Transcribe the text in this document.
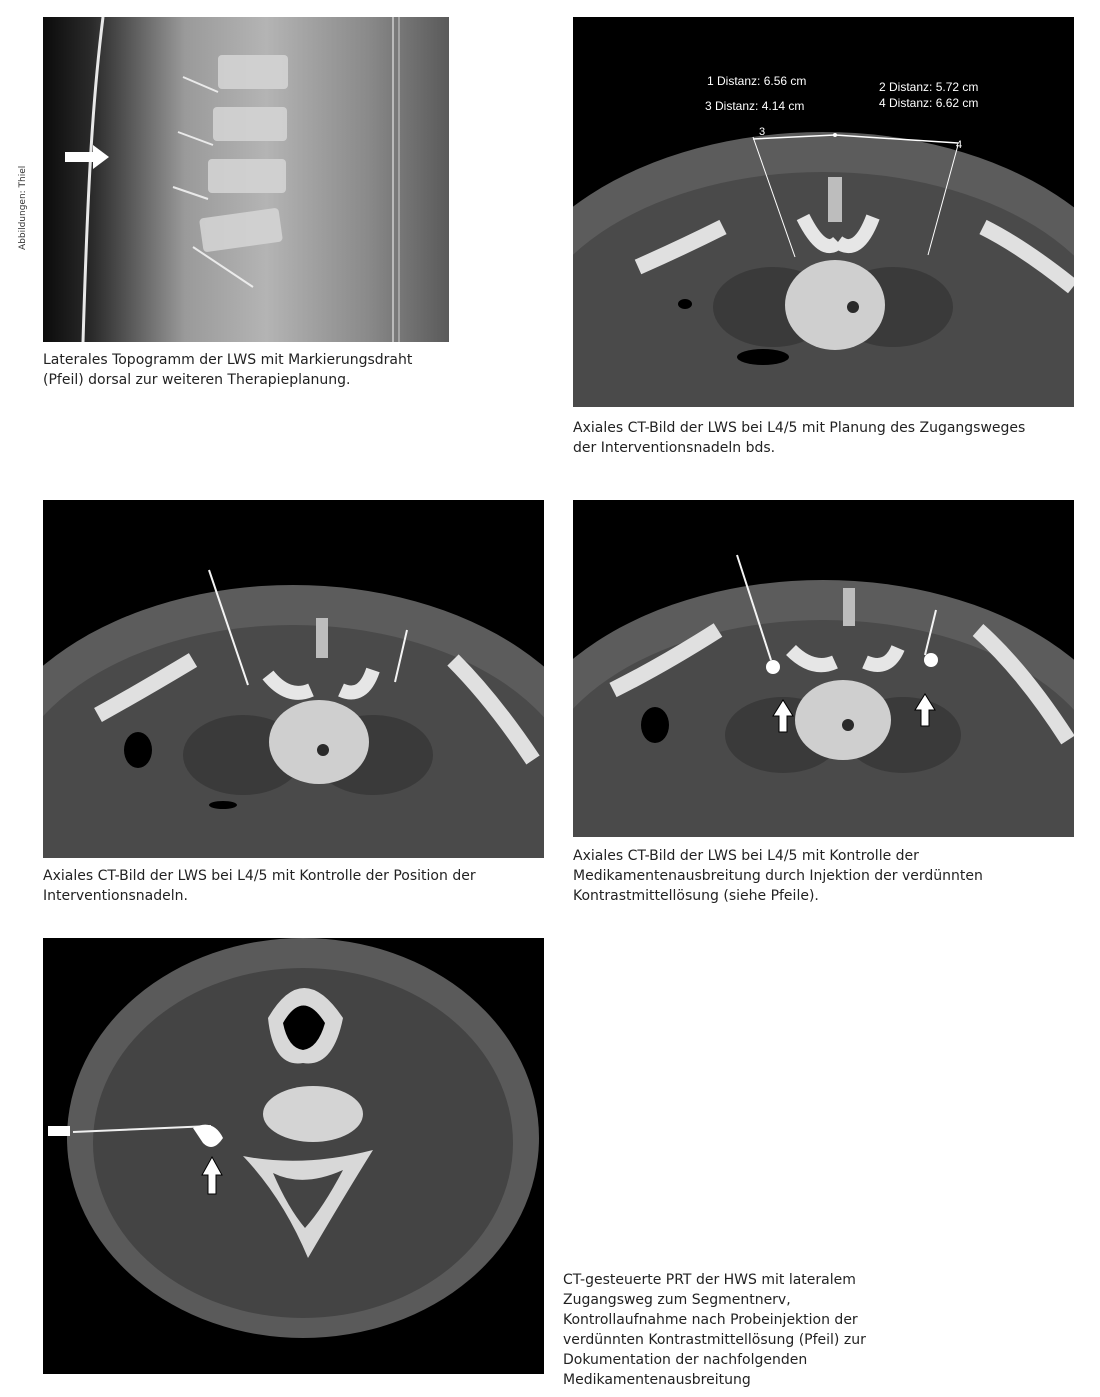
Abbildungen: Thiel

Laterales Topogramm der LWS mit Markierungsdraht (Pfeil) dorsal zur weiteren Therapieplanung.

1 Distanz: 6.56 cm
3 Distanz: 4.14 cm
2 Distanz: 5.72 cm
4 Distanz: 6.62 cm
3
4

Axiales CT-Bild der LWS bei L4/5 mit Planung des Zugangsweges der Interventionsnadeln bds.

Axiales CT-Bild der LWS bei L4/5 mit Kontrolle der Position der Interventionsnadeln.

Axiales CT-Bild der LWS bei L4/5 mit Kontrolle der Medikamentenausbreitung durch Injektion der verdünnten Kontrastmittellösung (siehe Pfeile).

CT-gesteuerte PRT der HWS mit lateralem Zugangsweg zum Segmentnerv, Kontrollaufnahme nach Probeinjektion der verdünnten Kontrastmittellösung (Pfeil) zur Dokumentation der nachfolgenden Medikamentenausbreitung
